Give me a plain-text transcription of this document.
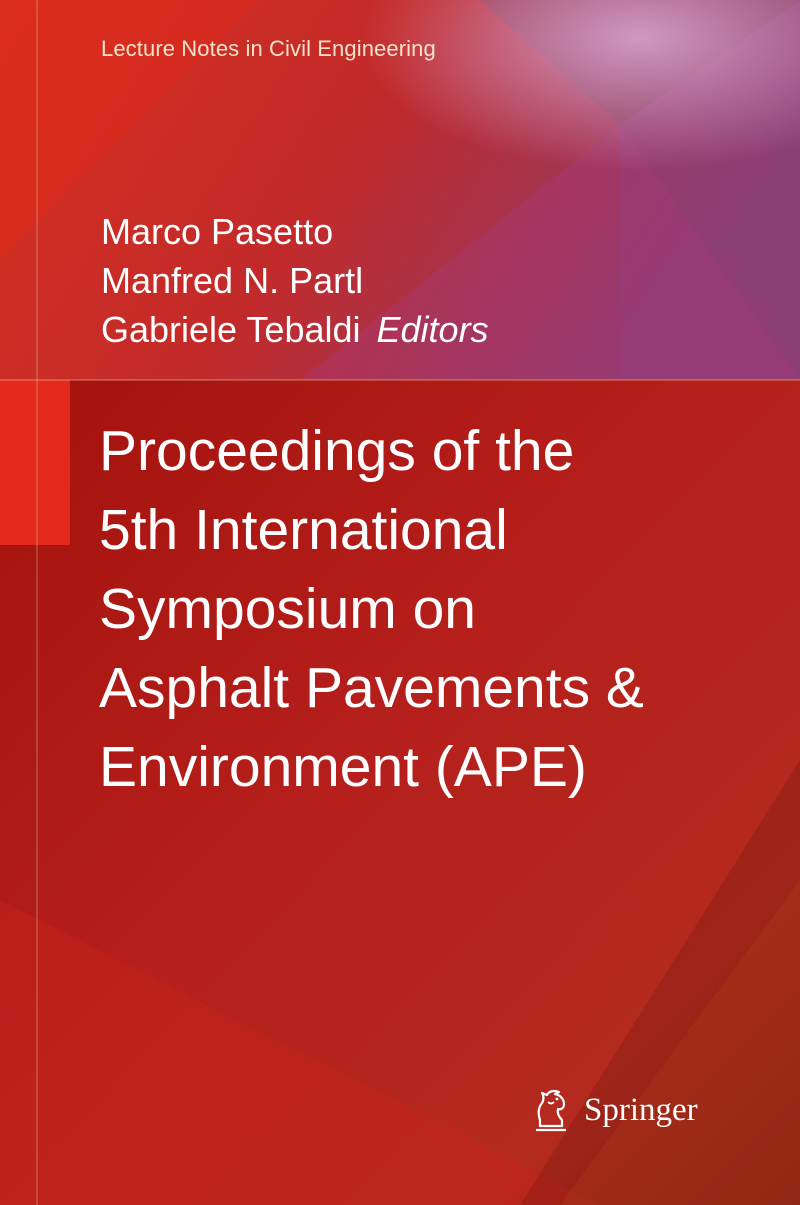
Lecture Notes in Civil Engineering

Marco Pasetto
Manfred N. Partl
Gabriele Tebaldi Editors
Proceedings of the
5th International
Symposium on
Asphalt Pavements &
Environment (APE)
Springer
